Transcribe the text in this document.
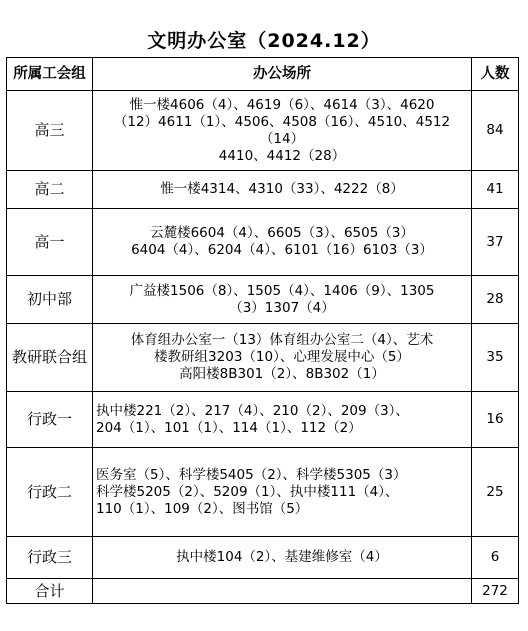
文明办公室（2024.12）
所属工会组	办公场所	人数
高三	惟一楼4606（4）、4619（6）、4614（3）、4620
（12）4611（1）、4506、4508（16）、4510、4512
（14）
4410、4412（28）	84
高二	惟一楼4314、4310（33）、4222（8）	41
高一	云麓楼6604（4）、6605（3）、6505（3）
6404（4）、6204（4）、6101（16）6103（3）	37
初中部	广益楼1506（8）、1505（4）、1406（9）、1305
（3）1307（4）	28
教研联合组	体育组办公室一（13）体育组办公室二（4）、艺术
楼教研组3203（10）、心理发展中心（5）
高阳楼8B301（2）、8B302（1）	35
行政一	执中楼221（2）、217（4）、210（2）、209（3）、
204（1）、101（1）、114（1）、112（2）	16
行政二	医务室（5）、科学楼5405（2）、科学楼5305（3）
科学楼5205（2）、5209（1）、执中楼111（4）、
110（1）、109（2）、图书馆（5）	25
行政三	执中楼104（2）、基建维修室（4）	6
合计		272
